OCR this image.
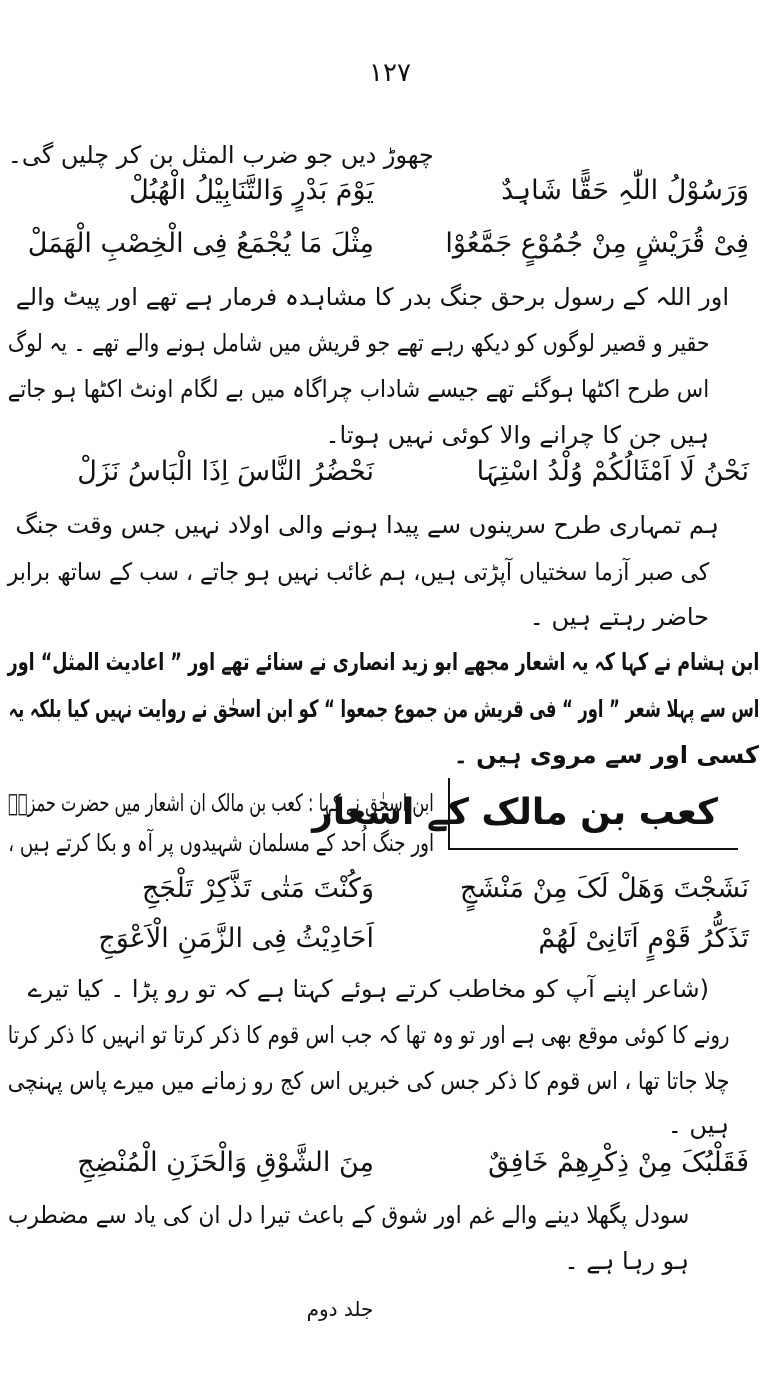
۱۲۷
چھوڑ دیں جو ضرب المثل بن کر چلیں گی۔
وَرَسُوْلُ اللّٰہِ حَقًّا شَاہِدٌ
یَوْمَ بَدْرٍ وَالتَّنَابِیْلُ الْھُبُلْ
فِیْ قُرَیْشٍ مِنْ جُمُوْعٍ جَمَّعُوْا
مِثْلَ مَا یُجْمَعُ فِی الْخِصْبِ الْھَمَلْ
اور اللہ کے رسول برحق جنگ بدر کا مشاہدہ فرمار ہے تھے اور پیٹ والے
حقیر و قصیر لوگوں کو دیکھ رہے تھے جو قریش میں شامل ہونے والے تھے ۔ یہ لوگ
اس طرح اکٹھا ہوگئے تھے جیسے شاداب چراگاہ میں بے لگام اونٹ اکٹھا ہو جاتے
ہیں جن کا چرانے والا کوئی نہیں ہوتا۔
نَحْنُ لَا اَمْثَالُکُمْ وُلْدُ اسْتِہَا
نَحْضُرُ النَّاسَ اِذَا الْبَاسُ نَزَلْ
ہم تمہاری طرح سرینوں سے پیدا ہونے والی اولاد نہیں جس وقت جنگ
کی صبر آزما سختیاں آپڑتی ہیں، ہم غائب نہیں ہو جاتے ، سب کے ساتھ برابر
حاضر رہتے ہیں ۔
ابن ہشام نے کہا کہ یہ اشعار مجھے ابو زید انصاری نے سنائے تھے اور ” اعادیث المثل“ اور
اس سے پہلا شعر ” اور “ فی قریش من جموع جمعوا “ کو ابن اسحٰق نے روایت نہیں کیا بلکہ یہ
کسی اور سے مروی ہیں ۔
کعب بن مالک کے اشعار
ابن اسحٰق نے کہا : کعب بن مالک ان اشعار میں حضرت حمزہؓ
اور جنگ اُحد کے مسلمان شہیدوں پر آہ و بکا کرتے ہیں ،
نَشَجْتَ وَھَلْ لَکَ مِنْ مَنْشَجٍ
وَکُنْتَ مَتٰی تَذَّکِرْ تَلْجَجِ
تَذَکُّرُ قَوْمٍ اَتَانِیْ لَھُمْ
اَحَادِیْثُ فِی الزَّمَنِ الْاَعْوَجِ
(شاعر اپنے آپ کو مخاطب کرتے ہوئے کہتا ہے کہ تو رو پڑا ۔ کیا تیرے
رونے کا کوئی موقع بھی ہے اور تو وہ تھا کہ جب اس قوم کا ذکر کرتا تو انہیں کا ذکر کرتا
چلا جاتا تھا ، اس قوم کا ذکر جس کی خبریں اس کج رو زمانے میں میرے پاس پہنچی
ہیں ۔
فَقَلْبُکَ مِنْ ذِکْرِھِمْ خَافِقٌ
مِنَ الشَّوْقِ وَالْحَزَنِ الْمُنْضِجِ
سودل پگھلا دینے والے غم اور شوق کے باعث تیرا دل ان کی یاد سے مضطرب
ہو رہا ہے ۔
جلد دوم
